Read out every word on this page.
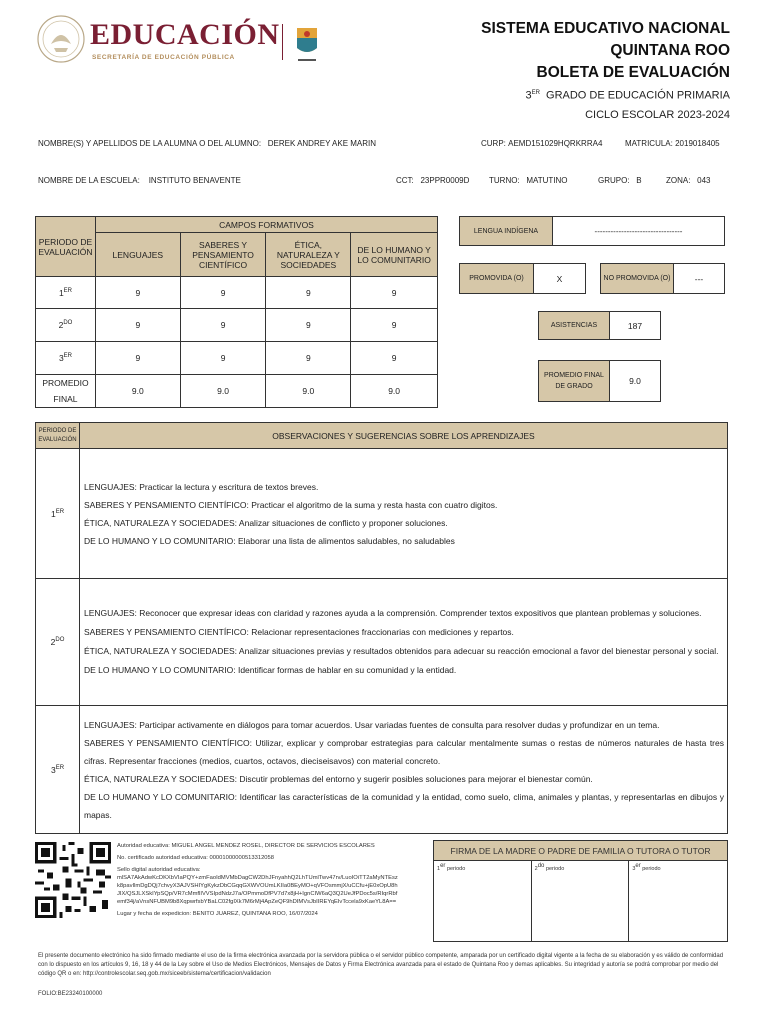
EDUCACIÓN
SECRETARÍA DE EDUCACIÓN PÚBLICA
SISTEMA EDUCATIVO NACIONAL
QUINTANA ROO
BOLETA DE EVALUACIÓN
3ER GRADO DE EDUCACIÓN PRIMARIA
CICLO ESCOLAR 2023-2024
NOMBRE(S) Y APELLIDOS DE LA ALUMNA O DEL ALUMNO: DEREK ANDREY AKE MARIN	CURP: AEMD151029HQRKRRA4	MATRICULA: 2019018405
NOMBRE DE LA ESCUELA: INSTITUTO BENAVENTE	CCT: 23PPR0009D TURNO: MATUTINO	GRUPO: B	ZONA: 043
PERIODO DE EVALUACIÓN	CAMPOS FORMATIVOS			
	LENGUAJES	SABERES Y PENSAMIENTO CIENTÍFICO	ÉTICA, NATURALEZA Y SOCIEDADES	DE LO HUMANO Y LO COMUNITARIO
1ER	9	9	9	9
$2^{DO}$	9	9	9	9
3ER	9	9	9	9
PROMEDIO FINAL	9.0	9.0	9.0	9.0
LENGUA INDÍGENA	---------------------------------
PROMOVIDA (O)	X	NO PROMOVIDA (O)	---
ASISTENCIAS	187
PROMEDIO FINAL DE GRADO
9.0
PERIODO DE EVALUACIÓN	OBSERVACIONES Y SUGERENCIAS SOBRE LOS APRENDIZAJES
1ER	LENGUAJES: Practicar la lectura y escritura de textos breves.

SABERES Y PENSAMIENTO CIENTÍFICO: Practicar el algoritmo de la suma y resta hasta con cuatro digitos.

ÉTICA, NATURALEZA Y SOCIEDADES: Analizar situaciones de conflicto y proponer soluciones.

DE LO HUMANO Y LO COMUNITARIO: Elaborar una lista de alimentos saludables, no saludables

$2^{DO}$	LENGUAJES: Reconocer que expresar ideas con claridad y razones ayuda a la comprensión. Comprender textos expositivos que plantean problemas y soluciones.

SABERES Y PENSAMIENTO CIENTÍFICO: Relacionar representaciones fraccionarias con mediciones y repartos.

ÉTICA, NATURALEZA Y SOCIEDADES: Analizar situaciones previas y resultados obtenidos para adecuar su reacción emocional a favor del bienestar personal y social.

DE LO HUMANO Y LO COMUNITARIO: Identificar formas de hablar en su comunidad y la entidad.

3ER	LENGUAJES: Participar activamente en diálogos para tomar acuerdos. Usar variadas fuentes de consulta para resolver dudas y profundizar en un tema.

SABERES Y PENSAMIENTO CIENTÍFICO: Utilizar, explicar y comprobar estrategias para calcular mentalmente sumas o restas de números naturales de hasta tres cifras. Representar fracciones (medios, cuartos, octavos, dieciseisavos) con material concreto.

ÉTICA, NATURALEZA Y SOCIEDADES: Discutir problemas del entorno y sugerir posibles soluciones para mejorar el bienestar común.

DE LO HUMANO Y LO COMUNITARIO: Identificar las características de la comunidad y la entidad, como suelo, clima, animales y plantas, y representarlas en dibujos y mapas.

Autoridad educativa: MIGUEL ANGEL MENDEZ ROSEL, DIRECTOR DE SERVICIOS ESCOLARES

No. certificado autoridad educativa: 00001000000513312058

Sello digital autoridad educativa:

mlSA7AkAdwKcDKXbVIaPQY+zmFaoIdMVMbDagCW2DhJFnyahhQ2LhTUmlTwv47rv/LuoIOiTT2aMyNTEszk8pavIlmDgDQj7chvyX3AJVSHIYgKykzDbCGqqGXWVOUmLKIIa0BEyMO+qVFOsmmjX/uCCfu+jE0xOpU8hJIX/QSJLXSkIYpSQp/VR7cMmflIVVSIpdNdzJ7a/OPmmoDfPV7d7x8jH+IgnCIW6aQ3Q2UeJfPDoc5s/RIqrRbfemf34j/aVnsNFUBM9b8XqpwrfsbYBaLC02fgIXk7M6rMj4ApZeQF9hDIMVsJbIIREYqEIvTccela9xKaeYL8A==

Lugar y fecha de expedicion: BENITO JUAREZ, QUINTANA ROO, 16/07/2024

FIRMA DE LA MADRE O PADRE DE FAMILIA O TUTORA O TUTOR
1er periodo	$2^{do}$ periodo	3er periodo
El presente documento electrónico ha sido firmado mediante el uso de la firma electrónica avanzada por la servidora pública o el servidor público competente, amparada por un certificado digital vigente a la fecha de su elaboración y es válido de conformidad con lo dispuesto en los artículos 9, 16, 18 y 44 de la Ley sobre el Uso de Medios Electrónicos, Mensajes de Datos y Firma Electrónica avanzada para el estado de Quintana Roo y demas aplicables. Su integridad y autoría se podrá comprobar por medio del código QR o en: http://controlescolar.seq.gob.mx/siceeb/sistema/certificacion/validacion
FOLIO:BE23240100000
